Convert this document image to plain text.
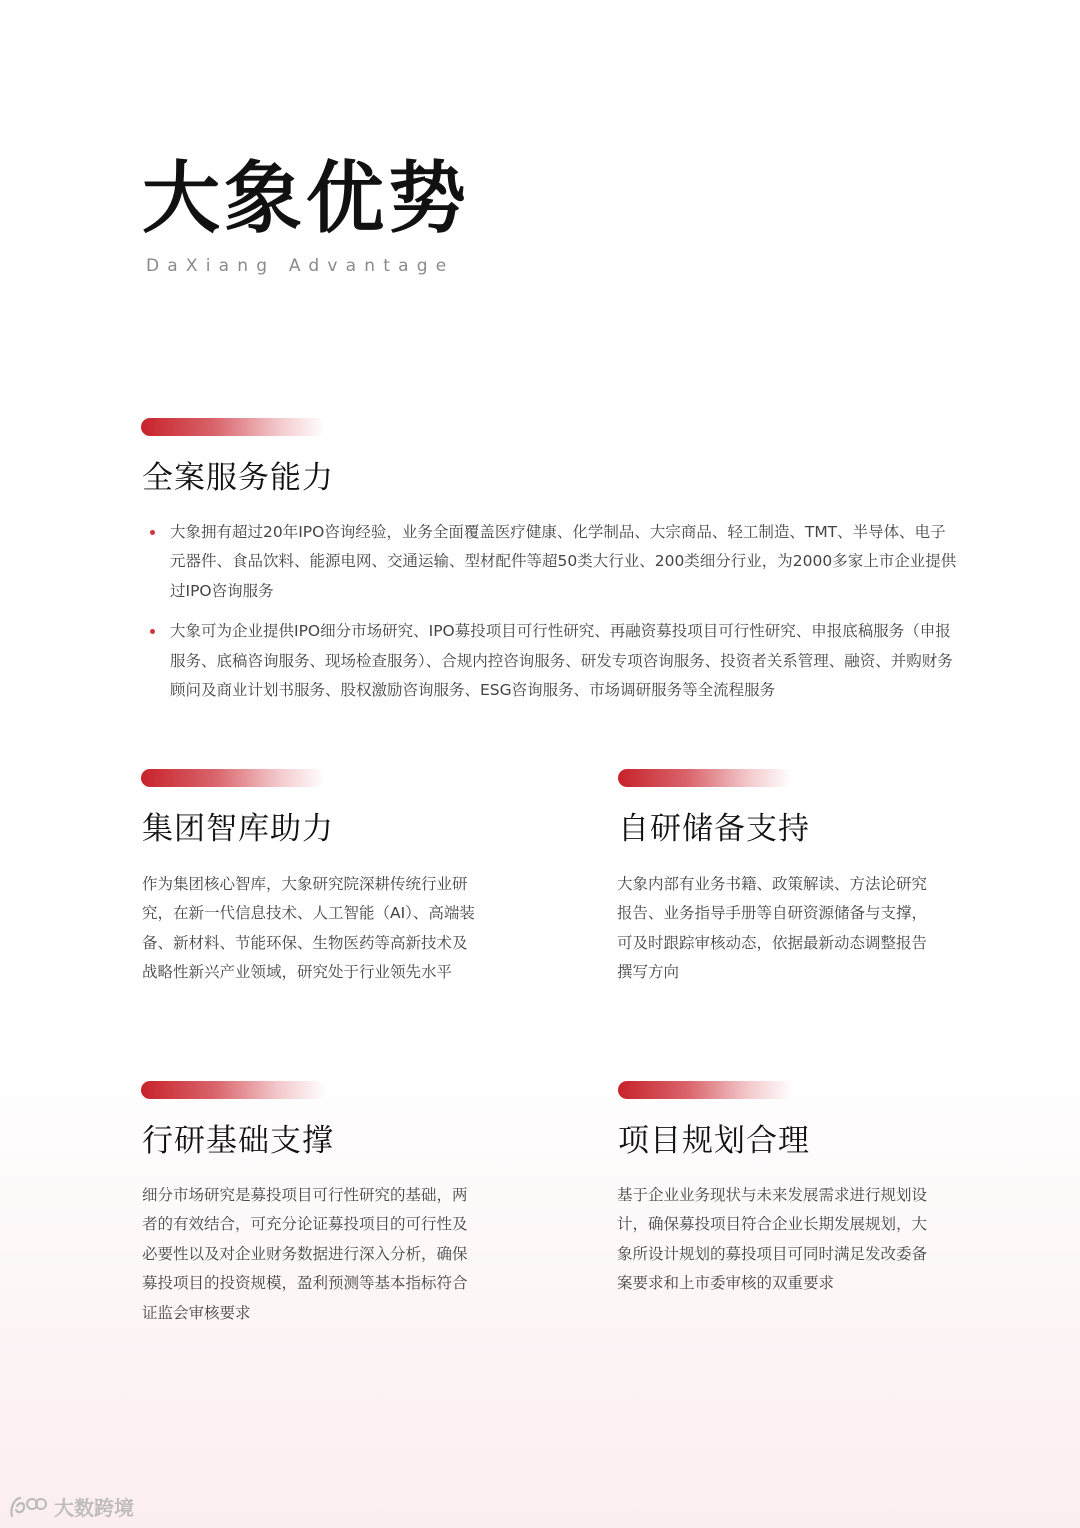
大象优势
DaXiang Advantage
全案服务能力
大象拥有超过20年IPO咨询经验，业务全面覆盖医疗健康、化学制品、大宗商品、轻工制造、TMT、半导体、电子元器件、食品饮料、能源电网、交通运输、型材配件等超50类大行业、200类细分行业，为2000多家上市企业提供过IPO咨询服务
大象可为企业提供IPO细分市场研究、IPO募投项目可行性研究、再融资募投项目可行性研究、申报底稿服务（申报服务、底稿咨询服务、现场检查服务）、合规内控咨询服务、研发专项咨询服务、投资者关系管理、融资、并购财务顾问及商业计划书服务、股权激励咨询服务、ESG咨询服务、市场调研服务等全流程服务
集团智库助力
作为集团核心智库，大象研究院深耕传统行业研究，在新一代信息技术、人工智能（AI）、高端装备、新材料、节能环保、生物医药等高新技术及战略性新兴产业领域，研究处于行业领先水平
自研储备支持
大象内部有业务书籍、政策解读、方法论研究报告、业务指导手册等自研资源储备与支撑，可及时跟踪审核动态，依据最新动态调整报告撰写方向
行研基础支撑
细分市场研究是募投项目可行性研究的基础，两者的有效结合，可充分论证募投项目的可行性及必要性以及对企业财务数据进行深入分析，确保募投项目的投资规模，盈利预测等基本指标符合证监会审核要求
项目规划合理
基于企业业务现状与未来发展需求进行规划设计，确保募投项目符合企业长期发展规划，大象所设计规划的募投项目可同时满足发改委备案要求和上市委审核的双重要求
大数跨境
